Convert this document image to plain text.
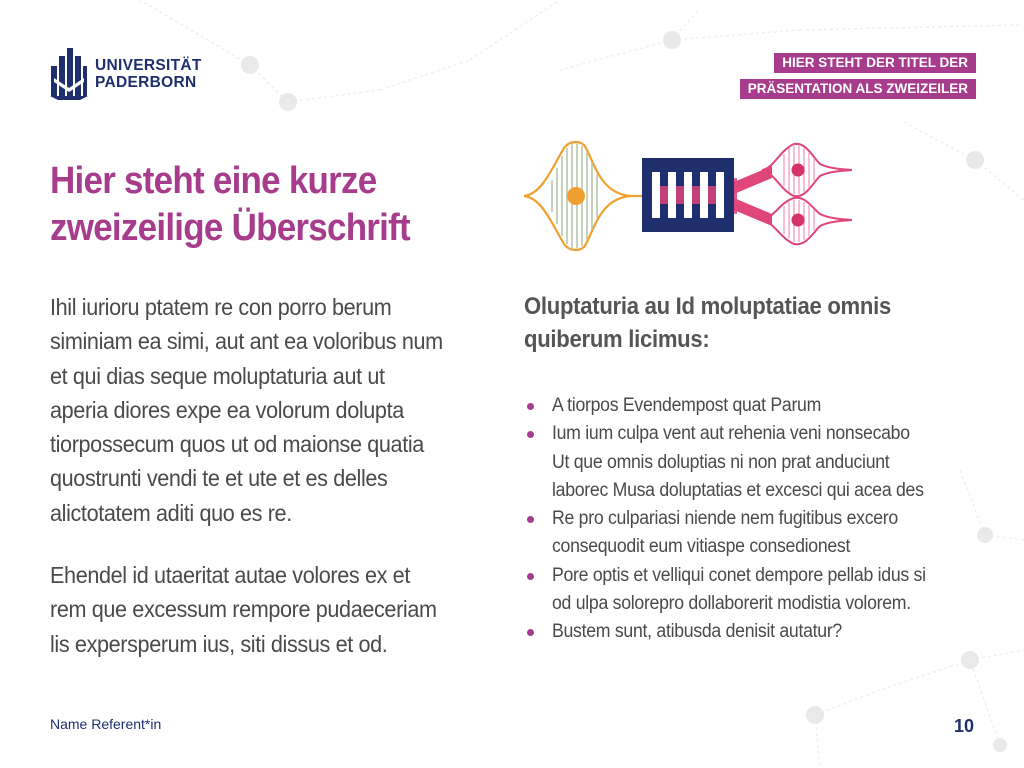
UNIVERSITÄT
PADERBORN
HIER STEHT DER TITEL DER
PRÄSENTATION ALS ZWEIZEILER
Hier steht eine kurze
zweizeilige Überschrift

Ihil iurioru ptatem re con porro berum
siminiam ea simi, aut ant ea voloribus num
et qui dias seque moluptaturia aut ut
aperia diores expe ea volorum dolupta
tiorpossecum quos ut od maionse quatia
quostrunti vendi te et ute et es delles
alictotatem aditi quo es re.

Ehendel id utaeritat autae volores ex et
rem que excessum rempore pudaeceriam
lis expersperum ius, siti dissus et od.

Oluptaturia au Id moluptatiae omnis
quiberum licimus:
A tiorpos Evendempost quat Parum
Ium ium culpa vent aut rehenia veni nonsecabo
Ut que omnis doluptias ni non prat anduciunt
laborec Musa doluptatias et excesci qui acea des
Re pro culpariasi niende nem fugitibus excero
consequodit eum vitiaspe consedionest
Pore optis et velliqui conet dempore pellab idus si
od ulpa solorepro dollaborerit modistia volorem.
Bustem sunt, atibusda denisit autatur?
Name Referent*in	10
